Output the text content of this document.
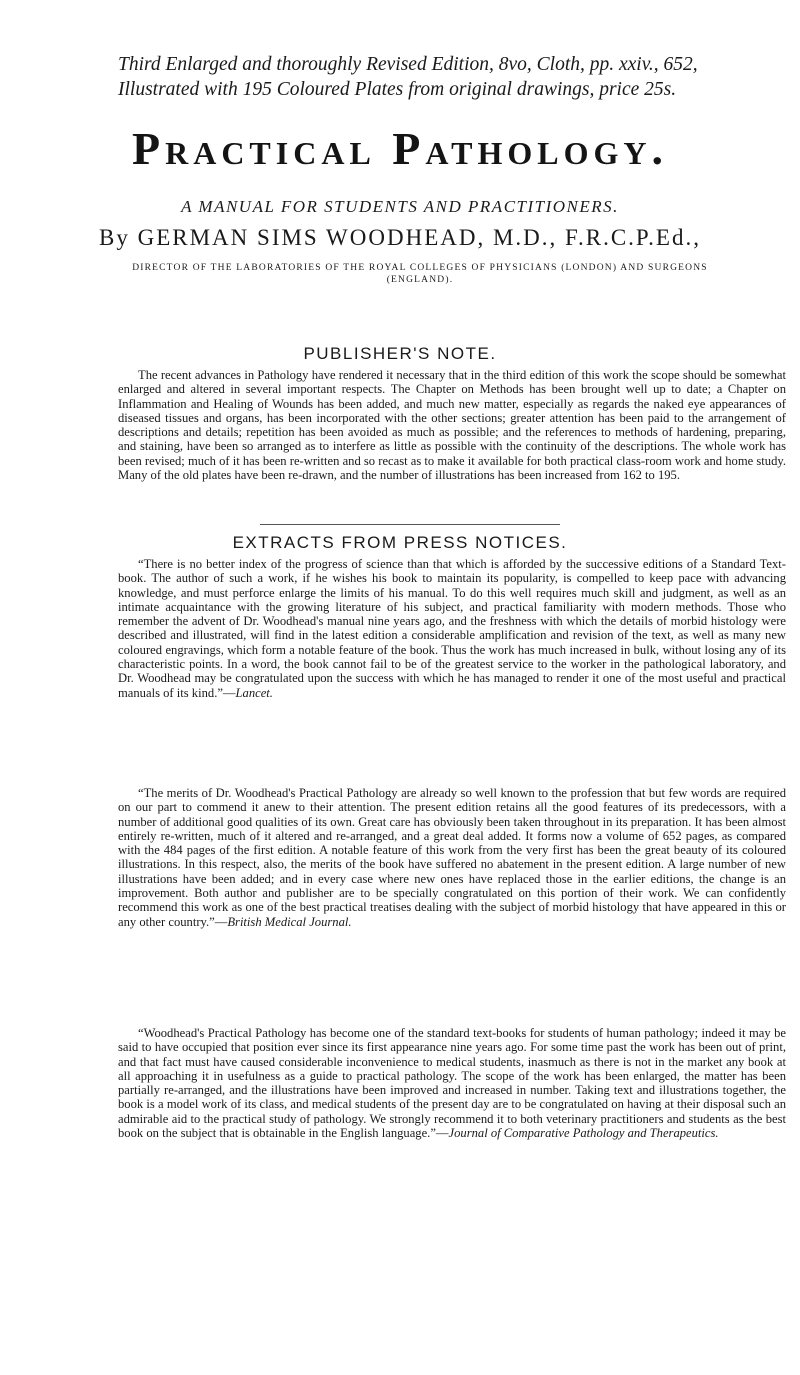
Third Enlarged and thoroughly Revised Edition, 8vo, Cloth, pp. xxiv., 652, Illustrated with 195 Coloured Plates from original drawings, price 25s.
Practical Pathology.
A MANUAL FOR STUDENTS AND PRACTITIONERS.
By GERMAN SIMS WOODHEAD, M.D., F.R.C.P.Ed.,
DIRECTOR OF THE LABORATORIES OF THE ROYAL COLLEGES OF PHYSICIANS (LONDON) AND SURGEONS (ENGLAND).
PUBLISHER'S NOTE.

The recent advances in Pathology have rendered it necessary that in the third edition of this work the scope should be somewhat enlarged and altered in several important respects. The Chapter on Methods has been brought well up to date; a Chapter on Inflammation and Healing of Wounds has been added, and much new matter, especially as regards the naked eye appearances of diseased tissues and organs, has been incorporated with the other sections; greater attention has been paid to the arrangement of descriptions and details; repetition has been avoided as much as possible; and the references to methods of hardening, preparing, and staining, have been so arranged as to interfere as little as possible with the continuity of the descriptions. The whole work has been revised; much of it has been re-written and so recast as to make it available for both practical class-room work and home study. Many of the old plates have been re-drawn, and the number of illustrations has been increased from 162 to 195.

EXTRACTS FROM PRESS NOTICES.

“There is no better index of the progress of science than that which is afforded by the successive editions of a Standard Text-book. The author of such a work, if he wishes his book to maintain its popularity, is compelled to keep pace with advancing knowledge, and must perforce enlarge the limits of his manual. To do this well requires much skill and judgment, as well as an intimate acquaintance with the growing literature of his subject, and practical familiarity with modern methods. Those who remember the advent of Dr. Woodhead's manual nine years ago, and the freshness with which the details of morbid histology were described and illustrated, will find in the latest edition a considerable amplification and revision of the text, as well as many new coloured engravings, which form a notable feature of the book. Thus the work has much increased in bulk, without losing any of its characteristic points. In a word, the book cannot fail to be of the greatest service to the worker in the pathological laboratory, and Dr. Woodhead may be congratulated upon the success with which he has managed to render it one of the most useful and practical manuals of its kind.”—Lancet.

“The merits of Dr. Woodhead's Practical Pathology are already so well known to the profession that but few words are required on our part to commend it anew to their attention. The present edition retains all the good features of its predecessors, with a number of additional good qualities of its own. Great care has obviously been taken throughout in its preparation. It has been almost entirely re-written, much of it altered and re-arranged, and a great deal added. It forms now a volume of 652 pages, as compared with the 484 pages of the first edition. A notable feature of this work from the very first has been the great beauty of its coloured illustrations. In this respect, also, the merits of the book have suffered no abatement in the present edition. A large number of new illustrations have been added; and in every case where new ones have replaced those in the earlier editions, the change is an improvement. Both author and publisher are to be specially congratulated on this portion of their work. We can confidently recommend this work as one of the best practical treatises dealing with the subject of morbid histology that have appeared in this or any other country.”—British Medical Journal.

“Woodhead's Practical Pathology has become one of the standard text-books for students of human pathology; indeed it may be said to have occupied that position ever since its first appearance nine years ago. For some time past the work has been out of print, and that fact must have caused considerable inconvenience to medical students, inasmuch as there is not in the market any book at all approaching it in usefulness as a guide to practical pathology. The scope of the work has been enlarged, the matter has been partially re-arranged, and the illustrations have been improved and increased in number. Taking text and illustrations together, the book is a model work of its class, and medical students of the present day are to be congratulated on having at their disposal such an admirable aid to the practical study of pathology. We strongly recommend it to both veterinary practitioners and students as the best book on the subject that is obtainable in the English language.”—Journal of Comparative Pathology and Therapeutics.
